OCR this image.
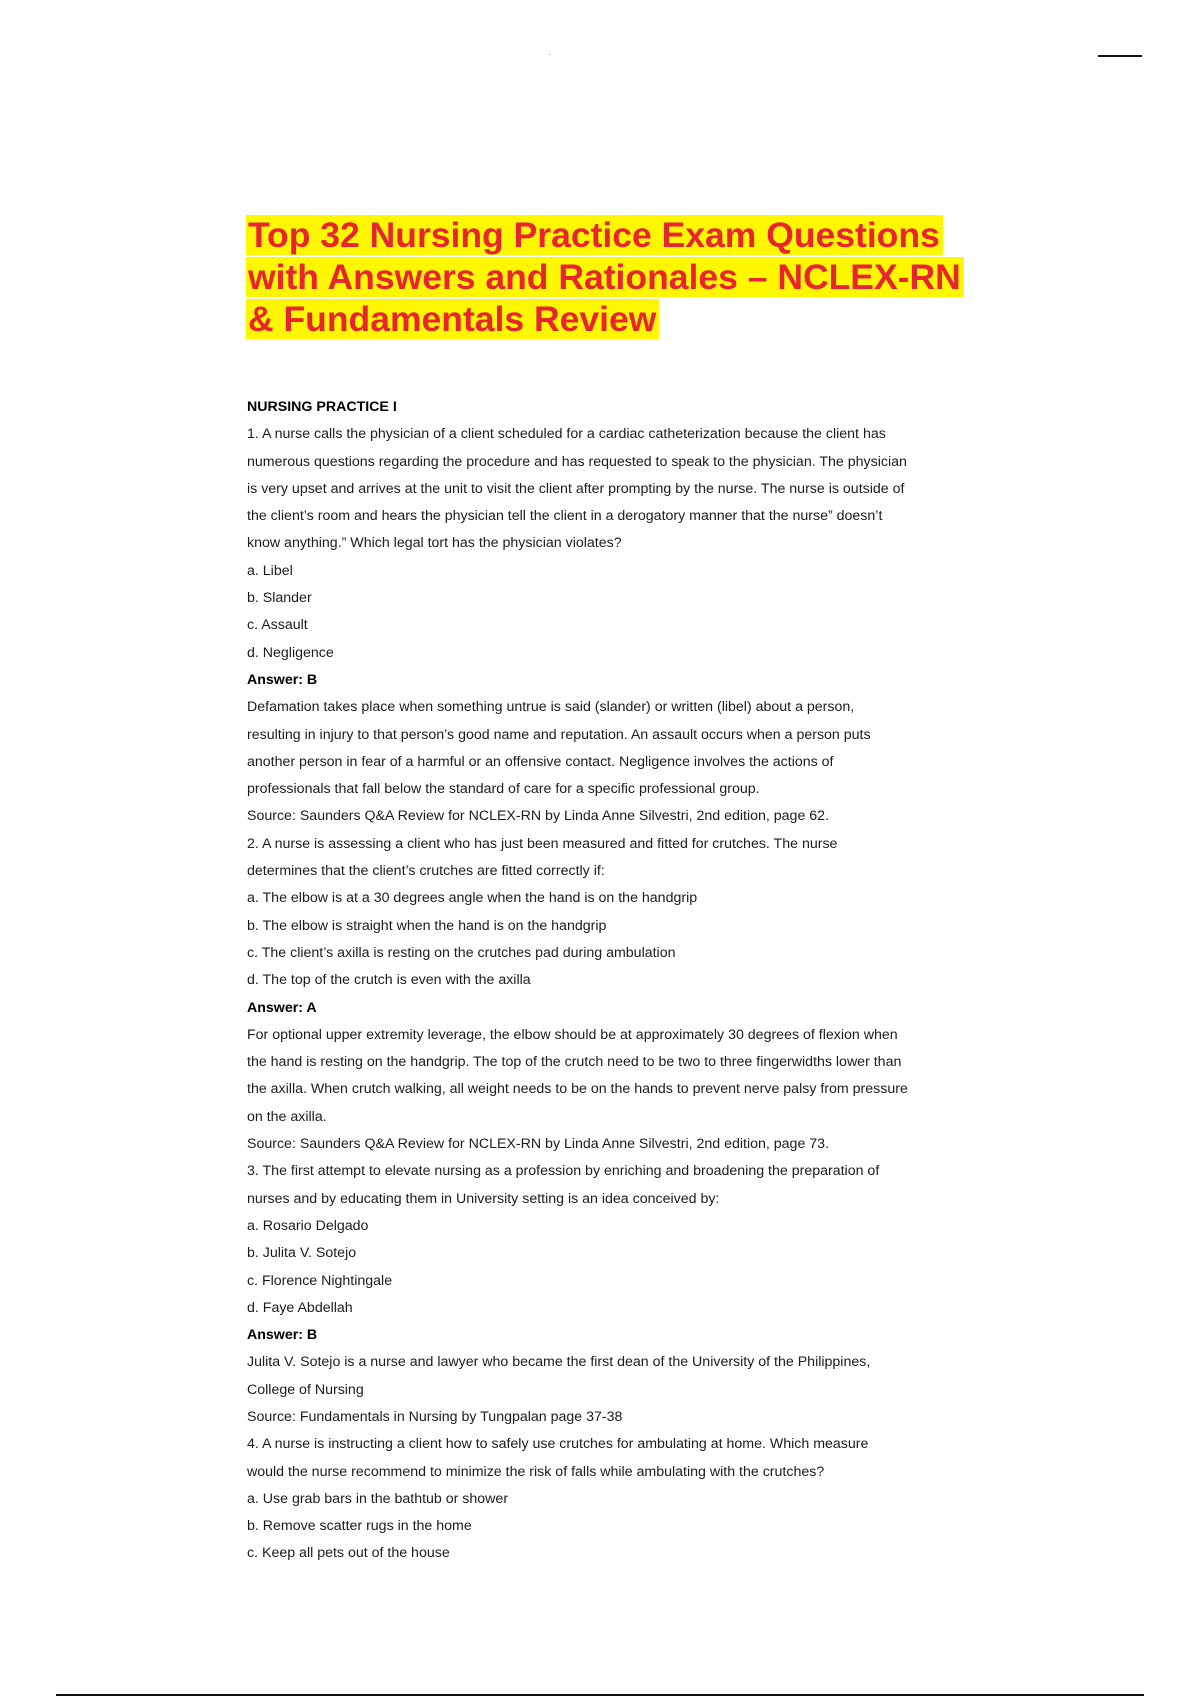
Top 32 Nursing Practice Exam Questions
with Answers and Rationales – NCLEX-RN
& Fundamentals Review
NURSING PRACTICE I
1. A nurse calls the physician of a client scheduled for a cardiac catheterization because the client has
numerous questions regarding the procedure and has requested to speak to the physician. The physician
is very upset and arrives at the unit to visit the client after prompting by the nurse. The nurse is outside of
the client’s room and hears the physician tell the client in a derogatory manner that the nurse” doesn’t
know anything.” Which legal tort has the physician violates?
a. Libel
b. Slander
c. Assault
d. Negligence
Answer: B
Defamation takes place when something untrue is said (slander) or written (libel) about a person,
resulting in injury to that person’s good name and reputation. An assault occurs when a person puts
another person in fear of a harmful or an offensive contact. Negligence involves the actions of
professionals that fall below the standard of care for a specific professional group.
Source: Saunders Q&A Review for NCLEX-RN by Linda Anne Silvestri, 2nd edition, page 62.
2. A nurse is assessing a client who has just been measured and fitted for crutches. The nurse
determines that the client’s crutches are fitted correctly if:
a. The elbow is at a 30 degrees angle when the hand is on the handgrip
b. The elbow is straight when the hand is on the handgrip
c. The client’s axilla is resting on the crutches pad during ambulation
d. The top of the crutch is even with the axilla
Answer: A
For optional upper extremity leverage, the elbow should be at approximately 30 degrees of flexion when
the hand is resting on the handgrip. The top of the crutch need to be two to three fingerwidths lower than
the axilla. When crutch walking, all weight needs to be on the hands to prevent nerve palsy from pressure
on the axilla.
Source: Saunders Q&A Review for NCLEX-RN by Linda Anne Silvestri, 2nd edition, page 73.
3. The first attempt to elevate nursing as a profession by enriching and broadening the preparation of
nurses and by educating them in University setting is an idea conceived by:
a. Rosario Delgado
b. Julita V. Sotejo
c. Florence Nightingale
d. Faye Abdellah
Answer: B
Julita V. Sotejo is a nurse and lawyer who became the first dean of the University of the Philippines,
College of Nursing
Source: Fundamentals in Nursing by Tungpalan page 37-38
4. A nurse is instructing a client how to safely use crutches for ambulating at home. Which measure
would the nurse recommend to minimize the risk of falls while ambulating with the crutches?
a. Use grab bars in the bathtub or shower
b. Remove scatter rugs in the home
c. Keep all pets out of the house
